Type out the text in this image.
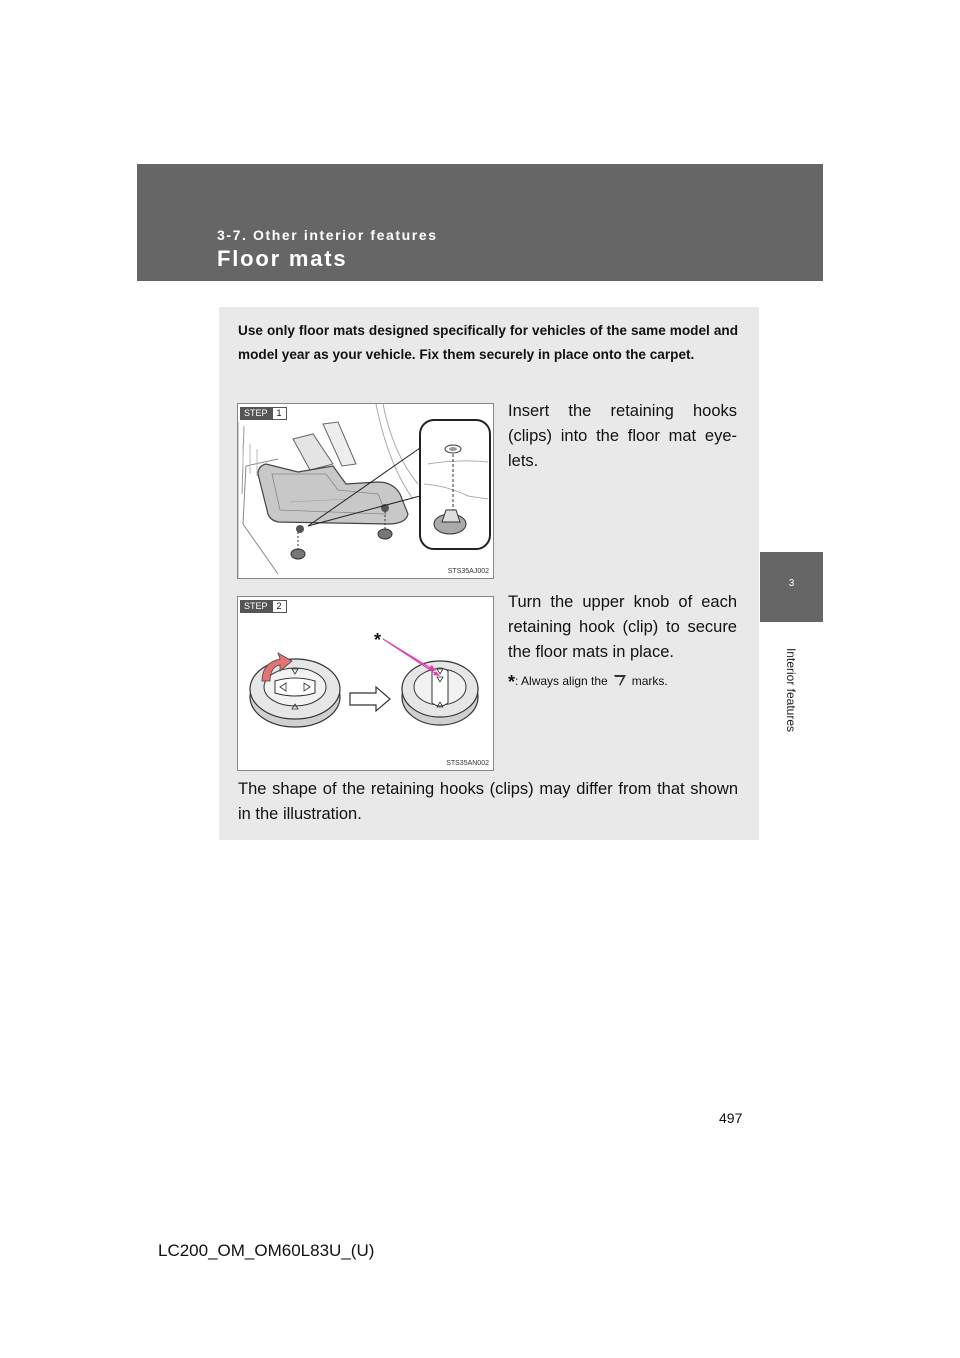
3-7. Other interior features
Floor mats
3
Interior features
Use only floor mats designed specifically for vehicles of the same model and model year as your vehicle. Fix them securely in place onto the carpet.
STEP	1
STS35AJ002
Insert the retaining hooks (clips) into the floor mat eye-lets.
*
STEP	2
STS35AN002
Turn the upper knob of each retaining hook (clip) to secure the floor mats in place.
*: Always align the marks.
The shape of the retaining hooks (clips) may differ from that shown in the illustration.
497
LC200_OM_OM60L83U_(U)
